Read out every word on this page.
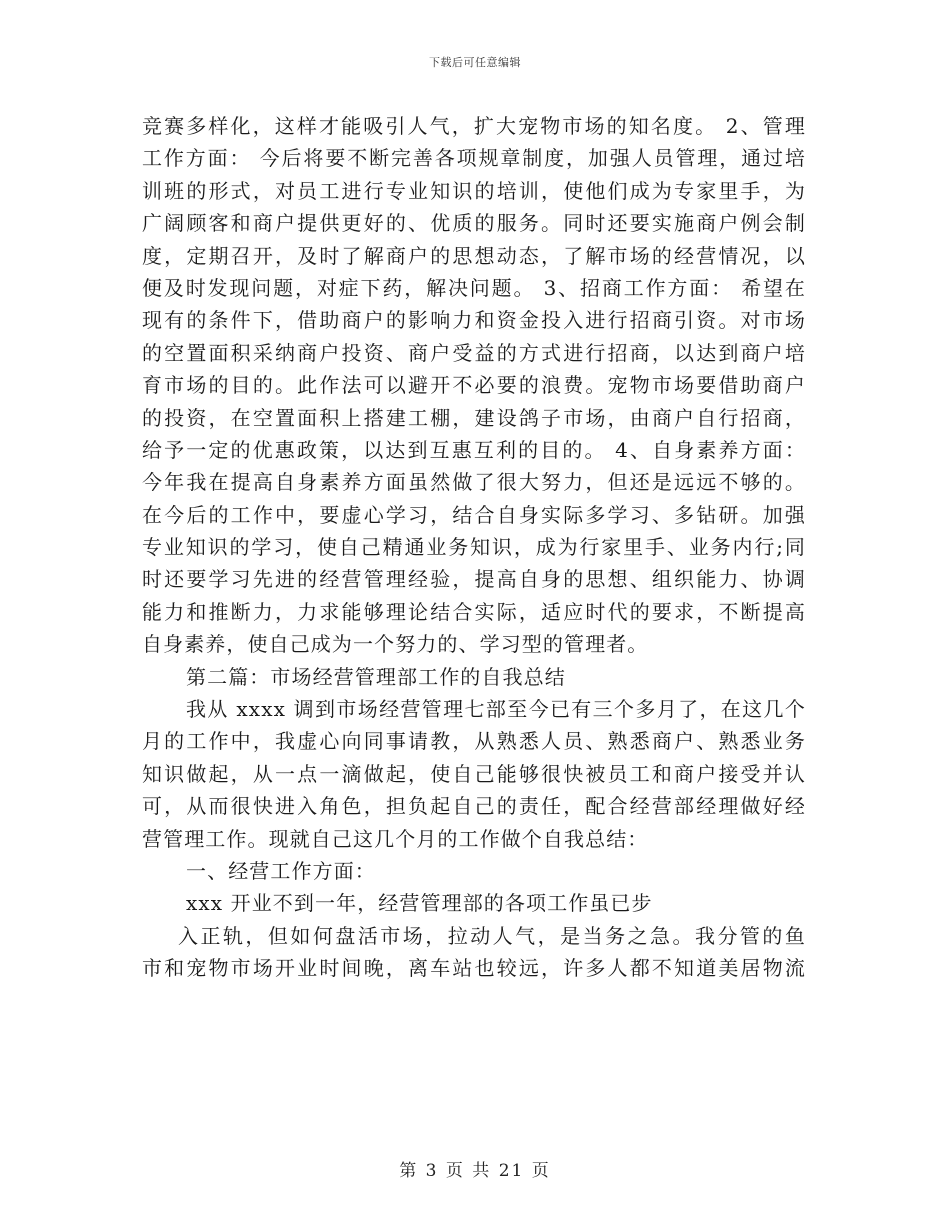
下载后可任意编辑
竞赛多样化，这样才能吸引人气，扩大宠物市场的知名度。 2、管理
工作方面： 今后将要不断完善各项规章制度，加强人员管理，通过培
训班的形式，对员工进行专业知识的培训，使他们成为专家里手，为
广阔顾客和商户提供更好的、优质的服务。同时还要实施商户例会制
度，定期召开，及时了解商户的思想动态，了解市场的经营情况，以
便及时发现问题，对症下药，解决问题。 3、招商工作方面： 希望在
现有的条件下，借助商户的影响力和资金投入进行招商引资。对市场
的空置面积采纳商户投资、商户受益的方式进行招商，以达到商户培
育市场的目的。此作法可以避开不必要的浪费。宠物市场要借助商户
的投资，在空置面积上搭建工棚，建设鸽子市场，由商户自行招商，
给予一定的优惠政策，以达到互惠互利的目的。 4、自身素养方面：
今年我在提高自身素养方面虽然做了很大努力，但还是远远不够的。
在今后的工作中，要虚心学习，结合自身实际多学习、多钻研。加强
专业知识的学习，使自己精通业务知识，成为行家里手、业务内行;同
时还要学习先进的经营管理经验，提高自身的思想、组织能力、协调
能力和推断力，力求能够理论结合实际，适应时代的要求，不断提高
自身素养，使自己成为一个努力的、学习型的管理者。
第二篇：市场经营管理部工作的自我总结
我从 xxxx 调到市场经营管理七部至今已有三个多月了，在这几个
月的工作中，我虚心向同事请教，从熟悉人员、熟悉商户、熟悉业务
知识做起，从一点一滴做起，使自己能够很快被员工和商户接受并认
可，从而很快进入角色，担负起自己的责任，配合经营部经理做好经
营管理工作。现就自己这几个月的工作做个自我总结：
一、经营工作方面：
xxx 开业不到一年，经营管理部的各项工作虽已步
入正轨，但如何盘活市场，拉动人气，是当务之急。我分管的鱼
市和宠物市场开业时间晚，离车站也较远，许多人都不知道美居物流
第 3 页 共 21 页
